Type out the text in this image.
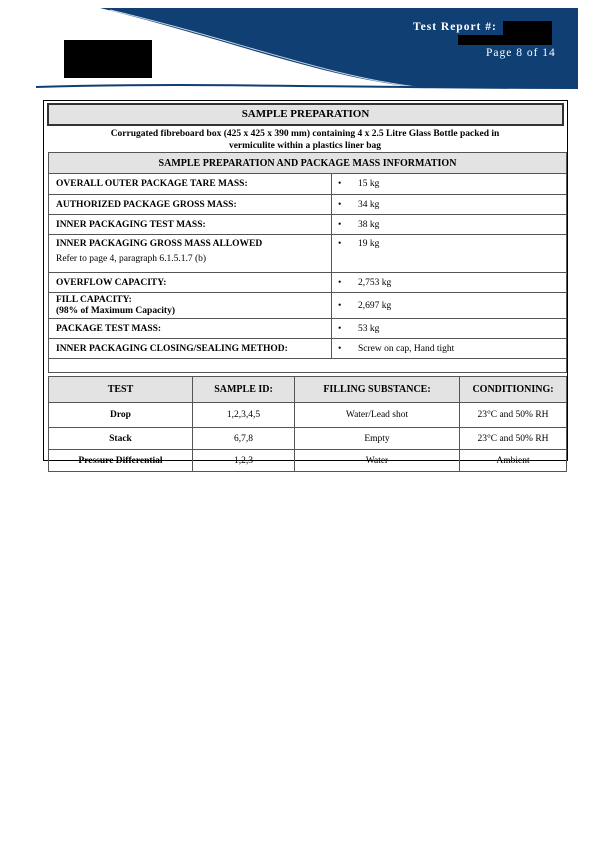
Test Report #:
Page 8 of 14
SAMPLE PREPARATION
Corrugated fibreboard box (425 x 425 x 390 mm) containing 4 x 2.5 Litre Glass Bottle packed in
vermiculite within a plastics liner bag
SAMPLE PREPARATION AND PACKAGE MASS INFORMATION	
OVERALL OUTER PACKAGE TARE MASS:	• 15 kg
AUTHORIZED PACKAGE GROSS MASS:	• 34 kg
INNER PACKAGING TEST MASS:	• 38 kg

INNER PACKAGING GROSS MASS ALLOWED
Refer to page 4, paragraph 6.1.5.1.7 (b)	• 19 kg
OVERFLOW CAPACITY:	• 2,753 kg

FILL CAPACITY:
(98% of Maximum Capacity)	• 2,697 kg
PACKAGE TEST MASS:	• 53 kg
INNER PACKAGING CLOSING/SEALING METHOD:	• Screw on cap, Hand tight

TEST	SAMPLE ID:	FILLING SUBSTANCE:	CONDITIONING:
Drop	1,2,3,4,5	Water/Lead shot	23°C and 50% RH
Stack	6,7,8	Empty	23°C and 50% RH
Pressure Differential	1,2,3	Water	Ambient
